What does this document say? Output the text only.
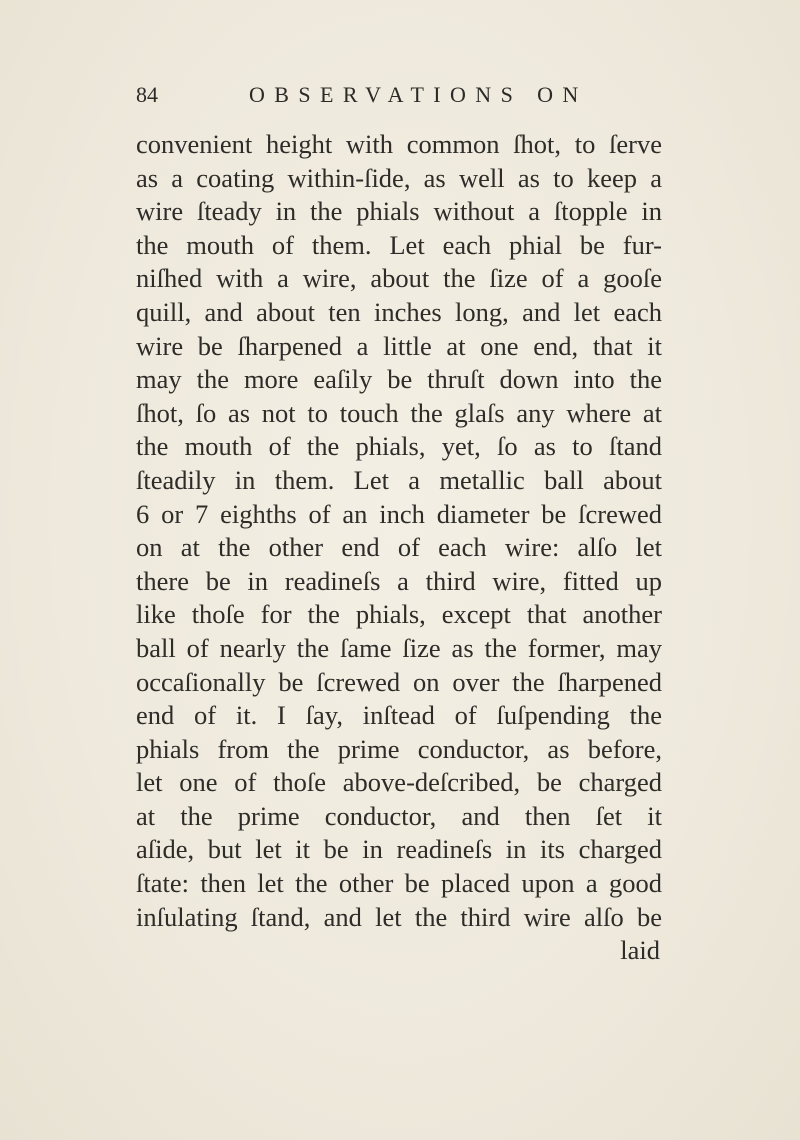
84	OBSERVATIONS ON
convenient height with common ſhot, to ſerve
as a coating within-ſide, as well as to keep a
wire ſteady in the phials without a ſtopple in
the mouth of them. Let each phial be fur-
niſhed with a wire, about the ſize of a gooſe
quill, and about ten inches long, and let each
wire be ſharpened a little at one end, that it
may the more eaſily be thruſt down into the
ſhot, ſo as not to touch the glaſs any where at
the mouth of the phials, yet, ſo as to ſtand
ſteadily in them. Let a metallic ball about
6 or 7 eighths of an inch diameter be ſcrewed
on at the other end of each wire: alſo let
there be in readineſs a third wire, fitted up
like thoſe for the phials, except that another
ball of nearly the ſame ſize as the former, may
occaſionally be ſcrewed on over the ſharpened
end of it. I ſay, inſtead of ſuſpending the
phials from the prime conductor, as before,
let one of thoſe above-deſcribed, be charged
at the prime conductor, and then ſet it
aſide, but let it be in readineſs in its charged
ſtate: then let the other be placed upon a good
inſulating ſtand, and let the third wire alſo be
laid
